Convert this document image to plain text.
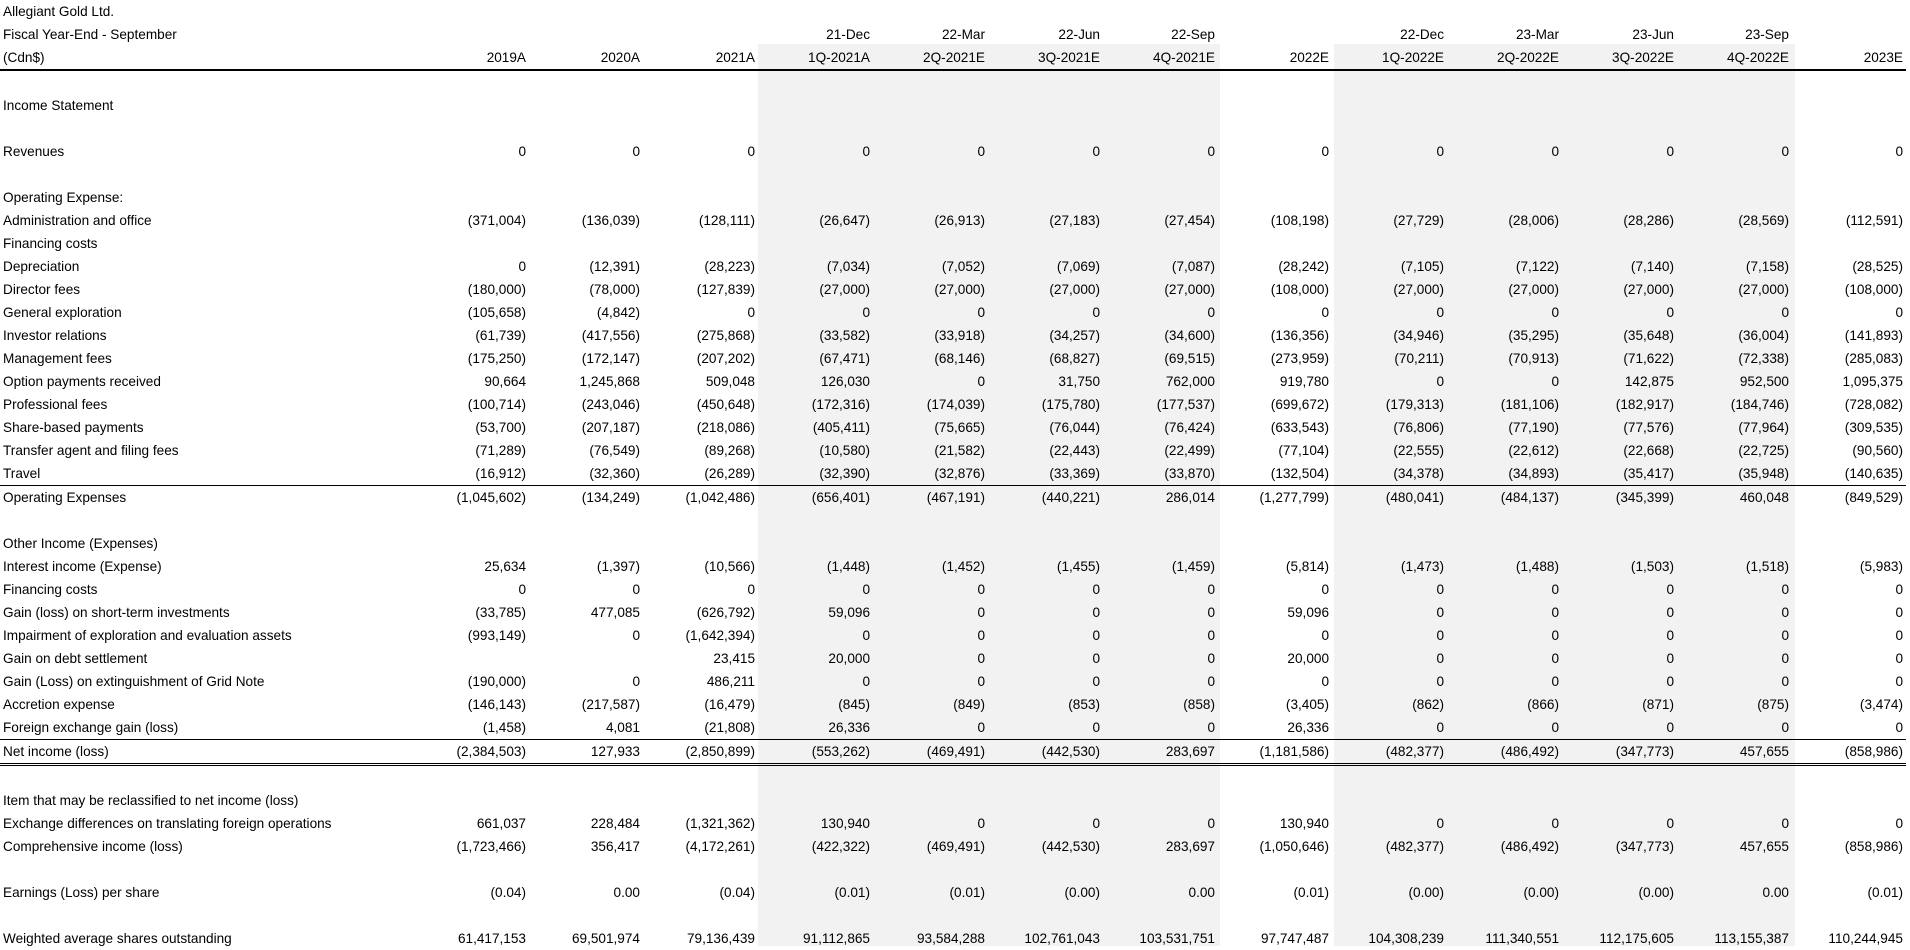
Allegiant Gold Ltd.													
Fiscal Year-End - September				21-Dec	22-Mar	22-Jun	22-Sep		22-Dec	23-Mar	23-Jun	23-Sep	
(Cdn$)	2019A	2020A	2021A	1Q-2021A	2Q-2021E	3Q-2021E	4Q-2021E	2022E	1Q-2022E	2Q-2022E	3Q-2022E	4Q-2022E	2023E

Income Statement													

Revenues	0	0	0	0	0	0	0	0	0	0	0	0	0

Operating Expense:													
Administration and office	(371,004)	(136,039)	(128,111)	(26,647)	(26,913)	(27,183)	(27,454)	(108,198)	(27,729)	(28,006)	(28,286)	(28,569)	(112,591)
Financing costs													
Depreciation	0	(12,391)	(28,223)	(7,034)	(7,052)	(7,069)	(7,087)	(28,242)	(7,105)	(7,122)	(7,140)	(7,158)	(28,525)
Director fees	(180,000)	(78,000)	(127,839)	(27,000)	(27,000)	(27,000)	(27,000)	(108,000)	(27,000)	(27,000)	(27,000)	(27,000)	(108,000)
General exploration	(105,658)	(4,842)	0	0	0	0	0	0	0	0	0	0	0
Investor relations	(61,739)	(417,556)	(275,868)	(33,582)	(33,918)	(34,257)	(34,600)	(136,356)	(34,946)	(35,295)	(35,648)	(36,004)	(141,893)
Management fees	(175,250)	(172,147)	(207,202)	(67,471)	(68,146)	(68,827)	(69,515)	(273,959)	(70,211)	(70,913)	(71,622)	(72,338)	(285,083)
Option payments received	90,664	1,245,868	509,048	126,030	0	31,750	762,000	919,780	0	0	142,875	952,500	1,095,375
Professional fees	(100,714)	(243,046)	(450,648)	(172,316)	(174,039)	(175,780)	(177,537)	(699,672)	(179,313)	(181,106)	(182,917)	(184,746)	(728,082)
Share-based payments	(53,700)	(207,187)	(218,086)	(405,411)	(75,665)	(76,044)	(76,424)	(633,543)	(76,806)	(77,190)	(77,576)	(77,964)	(309,535)
Transfer agent and filing fees	(71,289)	(76,549)	(89,268)	(10,580)	(21,582)	(22,443)	(22,499)	(77,104)	(22,555)	(22,612)	(22,668)	(22,725)	(90,560)
Travel	(16,912)	(32,360)	(26,289)	(32,390)	(32,876)	(33,369)	(33,870)	(132,504)	(34,378)	(34,893)	(35,417)	(35,948)	(140,635)
Operating Expenses	(1,045,602)	(134,249)	(1,042,486)	(656,401)	(467,191)	(440,221)	286,014	(1,277,799)	(480,041)	(484,137)	(345,399)	460,048	(849,529)

Other Income (Expenses)													
Interest income (Expense)	25,634	(1,397)	(10,566)	(1,448)	(1,452)	(1,455)	(1,459)	(5,814)	(1,473)	(1,488)	(1,503)	(1,518)	(5,983)
Financing costs	0	0	0	0	0	0	0	0	0	0	0	0	0
Gain (loss) on short-term investments	(33,785)	477,085	(626,792)	59,096	0	0	0	59,096	0	0	0	0	0
Impairment of exploration and evaluation assets	(993,149)	0	(1,642,394)	0	0	0	0	0	0	0	0	0	0
Gain on debt settlement			23,415	20,000	0	0	0	20,000	0	0	0	0	0
Gain (Loss) on extinguishment of Grid Note	(190,000)	0	486,211	0	0	0	0	0	0	0	0	0	0
Accretion expense	(146,143)	(217,587)	(16,479)	(845)	(849)	(853)	(858)	(3,405)	(862)	(866)	(871)	(875)	(3,474)
Foreign exchange gain (loss)	(1,458)	4,081	(21,808)	26,336	0	0	0	26,336	0	0	0	0	0
Net income (loss)	(2,384,503)	127,933	(2,850,899)	(553,262)	(469,491)	(442,530)	283,697	(1,181,586)	(482,377)	(486,492)	(347,773)	457,655	(858,986)

Item that may be reclassified to net income (loss)													
Exchange differences on translating foreign operations	661,037	228,484	(1,321,362)	130,940	0	0	0	130,940	0	0	0	0	0
Comprehensive income (loss)	(1,723,466)	356,417	(4,172,261)	(422,322)	(469,491)	(442,530)	283,697	(1,050,646)	(482,377)	(486,492)	(347,773)	457,655	(858,986)

Earnings (Loss) per share	(0.04)	0.00	(0.04)	(0.01)	(0.01)	(0.00)	0.00	(0.01)	(0.00)	(0.00)	(0.00)	0.00	(0.01)

Weighted average shares outstanding	61,417,153	69,501,974	79,136,439	91,112,865	93,584,288	102,761,043	103,531,751	97,747,487	104,308,239	111,340,551	112,175,605	113,155,387	110,244,945
